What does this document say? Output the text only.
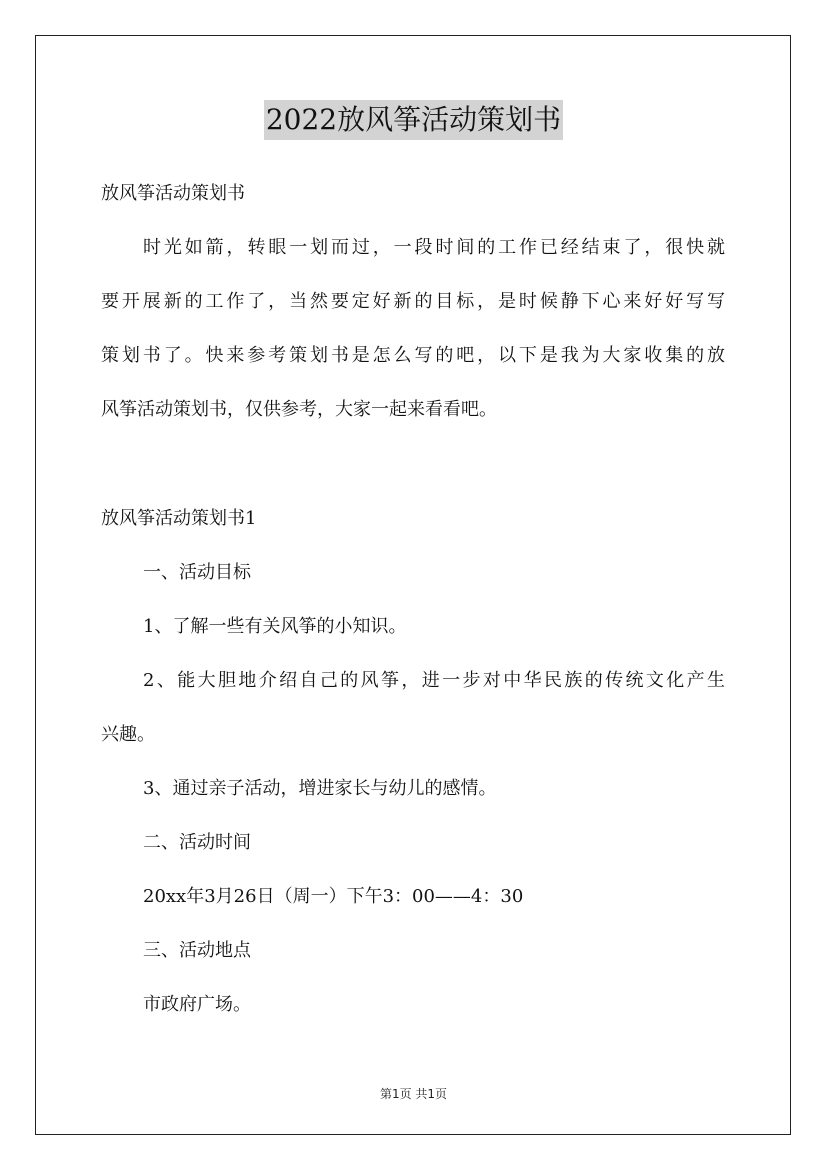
2022放风筝活动策划书
放风筝活动策划书
时光如箭，转眼一划而过，一段时间的工作已经结束了，很快就
要开展新的工作了，当然要定好新的目标，是时候静下心来好好写写
策划书了。快来参考策划书是怎么写的吧，以下是我为大家收集的放
风筝活动策划书，仅供参考，大家一起来看看吧。
放风筝活动策划书1
一、活动目标
1、了解一些有关风筝的小知识。
2、能大胆地介绍自己的风筝，进一步对中华民族的传统文化产生
兴趣。
3、通过亲子活动，增进家长与幼儿的感情。
二、活动时间
20xx年3月26日（周一）下午3：00——4：30
三、活动地点
市政府广场。
第1页 共1页
